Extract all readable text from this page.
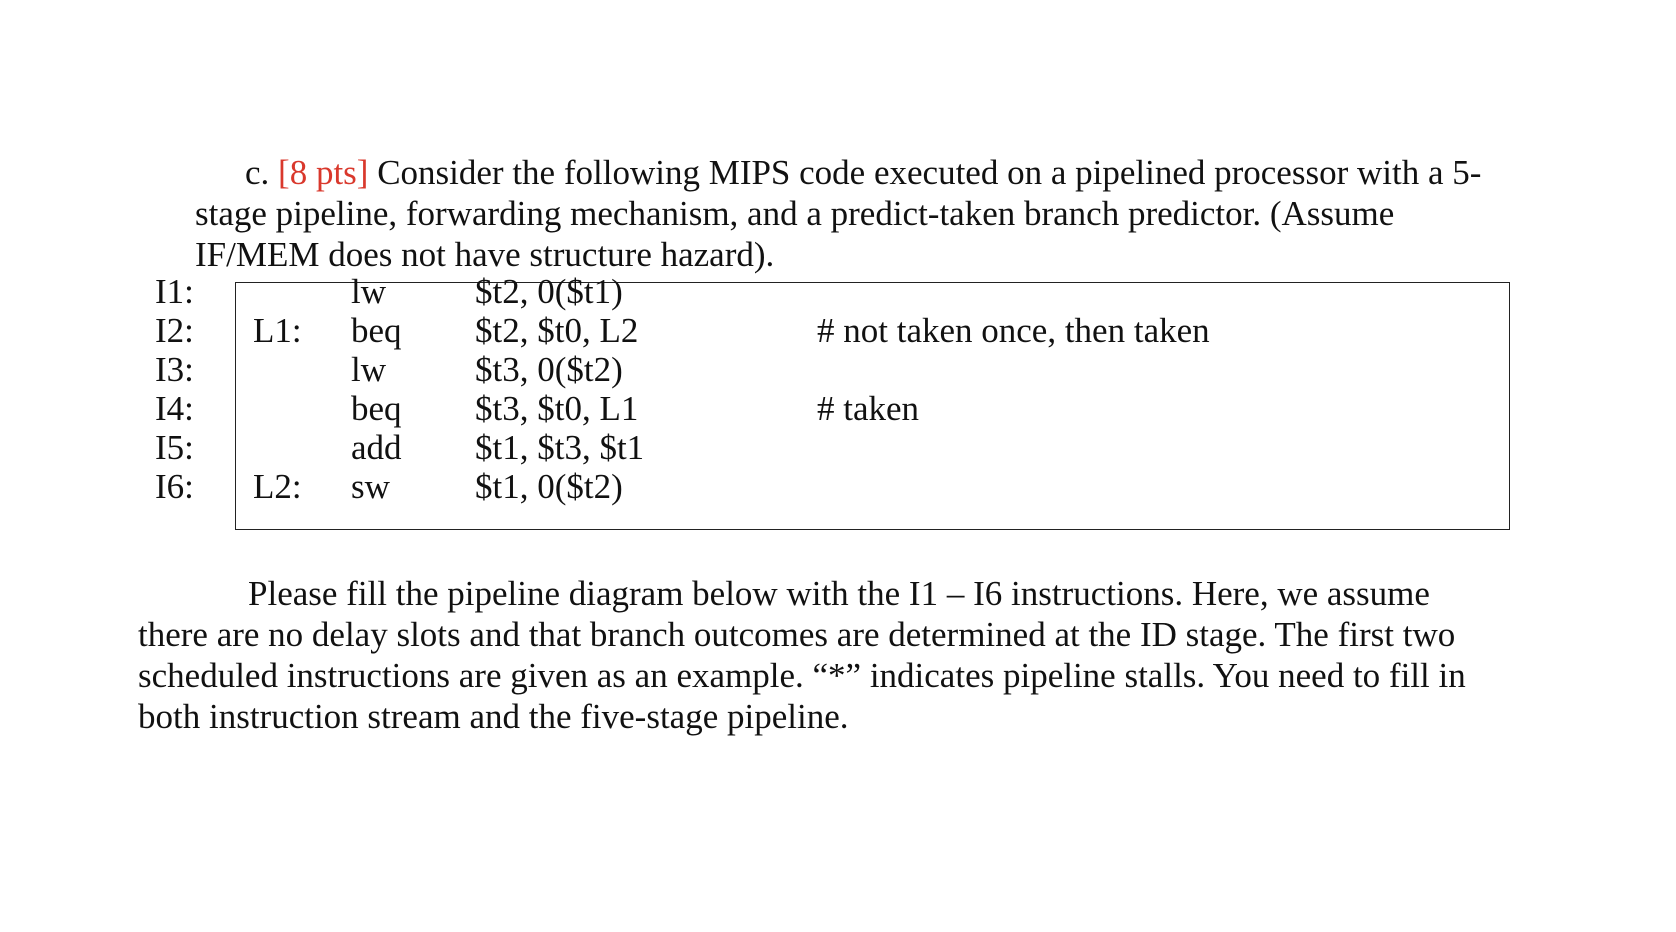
c. [8 pts] Consider the following MIPS code executed on a pipelined processor with a 5-
stage pipeline, forwarding mechanism, and a predict-taken branch predictor. (Assume
IF/MEM does not have structure hazard).
I1:	lw	$t2, 0($t1)
I2: L1: beq $t2, $t0, L2	# not taken once, then taken
I3:	lw	$t3, 0($t2)
I4:	beq $t3, $t0, L1	# taken
I5:	add $t1, $t3, $t1
I6: L2: sw $t1, 0($t2)
Please fill the pipeline diagram below with the I1 – I6 instructions. Here, we assume
there are no delay slots and that branch outcomes are determined at the ID stage. The first two
scheduled instructions are given as an example. “*” indicates pipeline stalls. You need to fill in
both instruction stream and the five-stage pipeline.
